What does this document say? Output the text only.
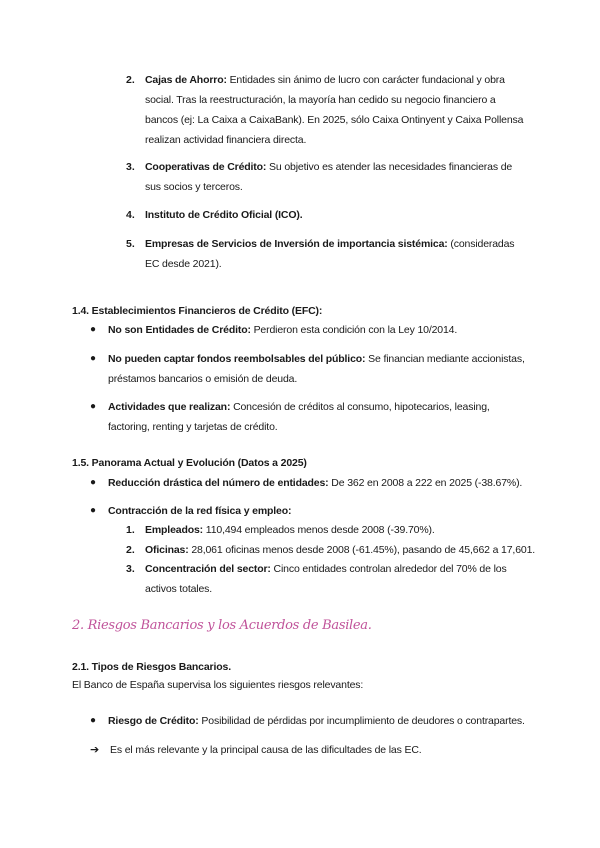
2. Cajas de Ahorro: Entidades sin ánimo de lucro con carácter fundacional y obra social. Tras la reestructuración, la mayoría han cedido su negocio financiero a bancos (ej: La Caixa a CaixaBank). En 2025, sólo Caixa Ontinyent y Caixa Pollensa realizan actividad financiera directa.
3. Cooperativas de Crédito: Su objetivo es atender las necesidades financieras de sus socios y terceros.
4. Instituto de Crédito Oficial (ICO).
5. Empresas de Servicios de Inversión de importancia sistémica: (consideradas EC desde 2021).
1.4. Establecimientos Financieros de Crédito (EFC):
● No son Entidades de Crédito: Perdieron esta condición con la Ley 10/2014.
● No pueden captar fondos reembolsables del público: Se financian mediante accionistas, préstamos bancarios o emisión de deuda.
● Actividades que realizan: Concesión de créditos al consumo, hipotecarios, leasing, factoring, renting y tarjetas de crédito.
1.5. Panorama Actual y Evolución (Datos a 2025)
● Reducción drástica del número de entidades: De 362 en 2008 a 222 en 2025 (-38.67%).
● Contracción de la red física y empleo:
1. Empleados: 110,494 empleados menos desde 2008 (-39.70%).
2. Oficinas: 28,061 oficinas menos desde 2008 (-61.45%), pasando de 45,662 a 17,601.
3. Concentración del sector: Cinco entidades controlan alrededor del 70% de los activos totales.
2. Riesgos Bancarios y los Acuerdos de Basilea.
2.1. Tipos de Riesgos Bancarios.
El Banco de España supervisa los siguientes riesgos relevantes:
● Riesgo de Crédito: Posibilidad de pérdidas por incumplimiento de deudores o contrapartes.
➔ Es el más relevante y la principal causa de las dificultades de las EC.
